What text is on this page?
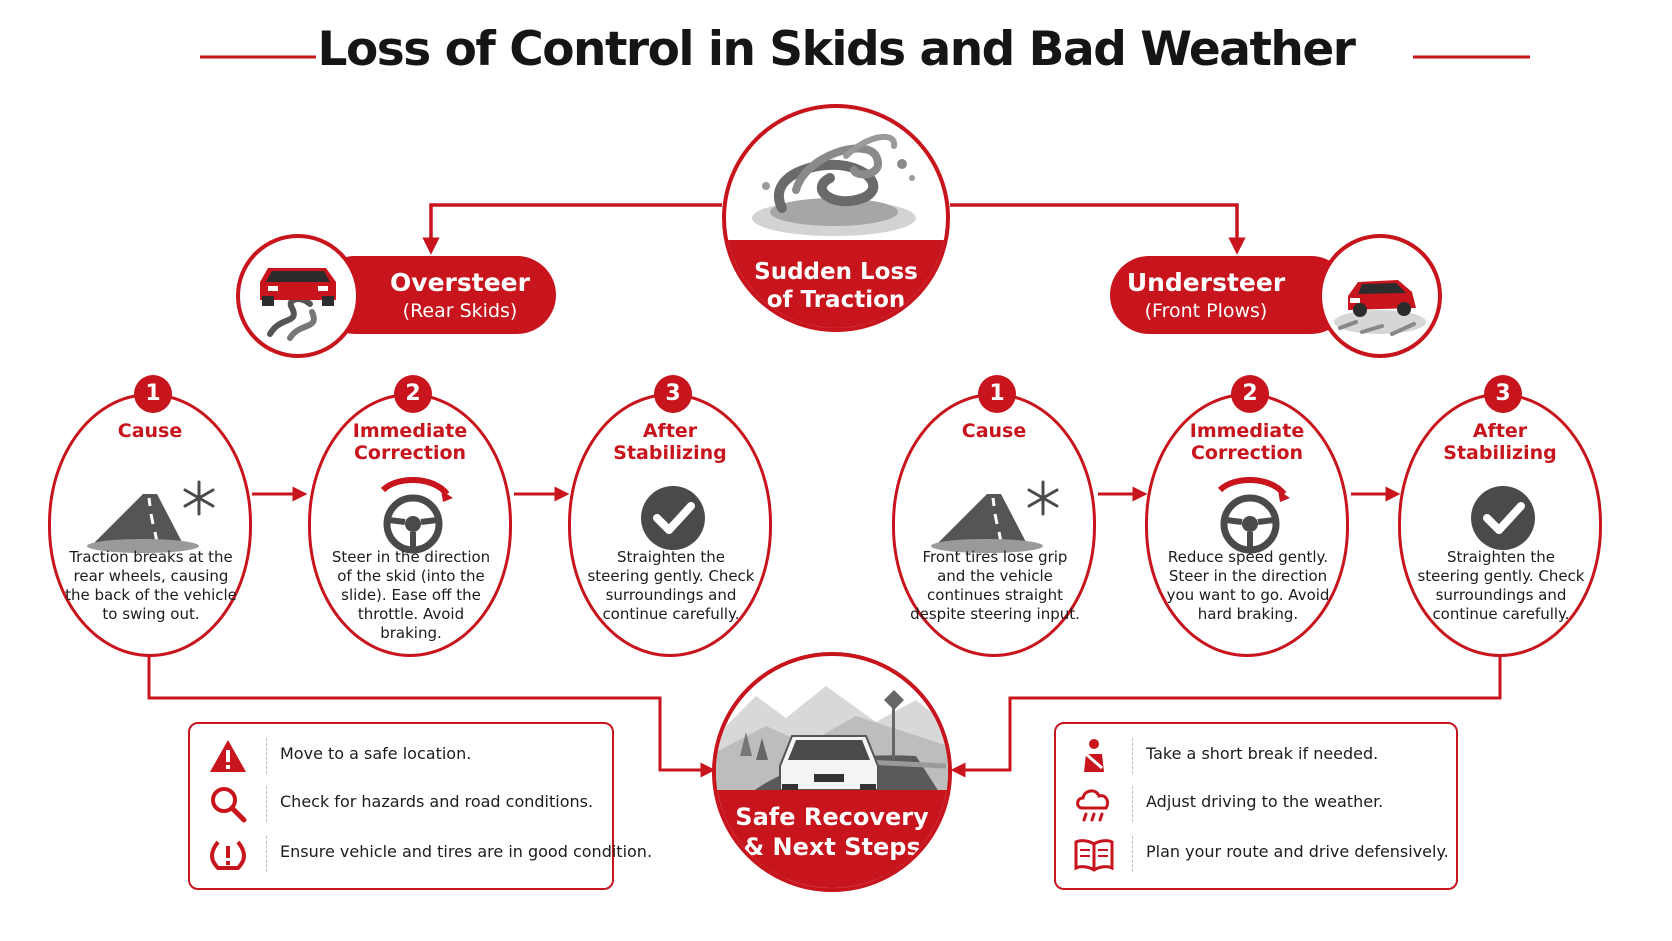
Loss of Control in Skids and Bad Weather
Sudden Loss
of Traction
Oversteer
(Rear Skids)
Understeer
(Front Plows)
1
Cause
Traction breaks at the rear wheels, causing the back of the vehicle to swing out.
2
Immediate
Correction
Steer in the direction of the skid (into the slide). Ease off the throttle. Avoid braking.
3
After
Stabilizing
Straighten the steering gently. Check surroundings and continue carefully.
1
Cause
Front tires lose grip and the vehicle continues straight despite steering input.
2
Immediate
Correction
Reduce speed gently. Steer in the direction you want to go. Avoid hard braking.
3
After
Stabilizing
Straighten the steering gently. Check surroundings and continue carefully.
Safe Recovery
& Next Steps
Move to a safe location.
Check for hazards and road conditions.
Ensure vehicle and tires are in good condition.
Take a short break if needed.
Adjust driving to the weather.
Plan your route and drive defensively.
